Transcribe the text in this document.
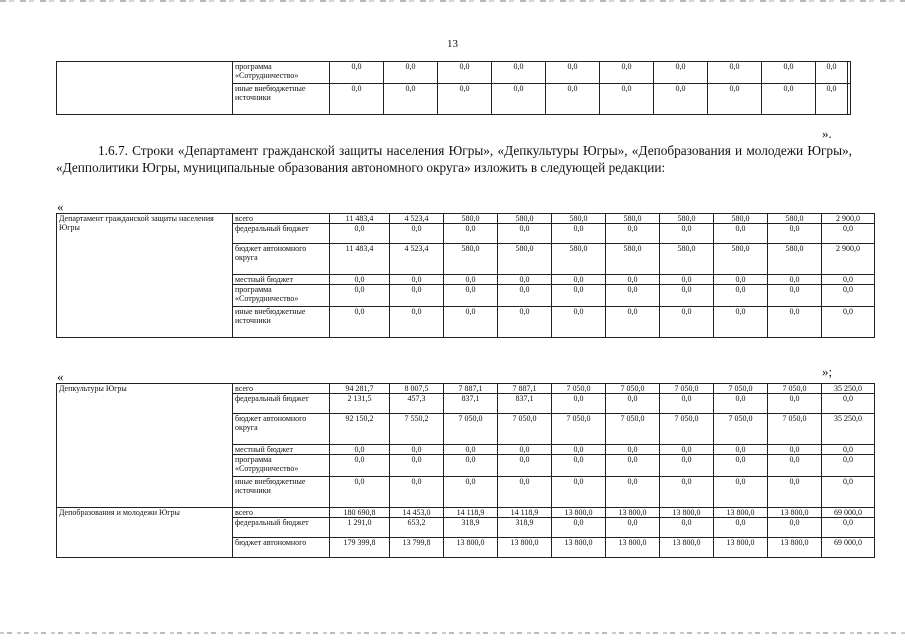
13
	программа «Сотрудничество»	0,0	0,0	0,0	0,0	0,0	0,0	0,0	0,0	0,0	0,0	
	иные внебюджетные источники	0,0	0,0	0,0	0,0	0,0	0,0	0,0	0,0	0,0	0,0	
».
1.6.7. Строки «Департамент гражданской защиты населения Югры», «Депкультуры Югры», «Депобразования и молодежи Югры», «Депполитики Югры, муниципальные образования автономного округа» изложить в следующей редакции:
«
Департамент гражданской защиты населения Югры	всего	11 483,4	4 523,4	580,0	580,0	580,0	580,0	580,0	580,0	580,0	2 900,0
	федеральный бюджет	0,0	0,0	0,0	0,0	0,0	0,0	0,0	0,0	0,0	0,0
	бюджет автономного округа	11 483,4	4 523,4	580,0	580,0	580,0	580,0	580,0	580,0	580,0	2 900,0
	местный бюджет	0,0	0,0	0,0	0,0	0,0	0,0	0,0	0,0	0,0	0,0
	программа «Сотрудничество»	0,0	0,0	0,0	0,0	0,0	0,0	0,0	0,0	0,0	0,0
	иные внебюджетные источники	0,0	0,0	0,0	0,0	0,0	0,0	0,0	0,0	0,0	0,0
»;
«
Депкультуры Югры	всего	94 281,7	8 007,5	7 887,1	7 887,1	7 050,0	7 050,0	7 050,0	7 050,0	7 050,0	35 250,0
	федеральный бюджет	2 131,5	457,3	837,1	837,1	0,0	0,0	0,0	0,0	0,0	0,0
	бюджет автономного округа	92 150,2	7 550,2	7 050,0	7 050,0	7 050,0	7 050,0	7 050,0	7 050,0	7 050,0	35 250,0
	местный бюджет	0,0	0,0	0,0	0,0	0,0	0,0	0,0	0,0	0,0	0,0
	программа «Сотрудничество»	0,0	0,0	0,0	0,0	0,0	0,0	0,0	0,0	0,0	0,0
	иные внебюджетные источники	0,0	0,0	0,0	0,0	0,0	0,0	0,0	0,0	0,0	0,0
Депобразования и молодежи Югры	всего	180 690,8	14 453,0	14 118,9	14 118,9	13 800,0	13 800,0	13 800,0	13 800,0	13 800,0	69 000,0
	федеральный бюджет	1 291,0	653,2	318,9	318,9	0,0	0,0	0,0	0,0	0,0	0,0
	бюджет автономного	179 399,8	13 799,8	13 800,0	13 800,0	13 800,0	13 800,0	13 800,0	13 800,0	13 800,0	69 000,0
